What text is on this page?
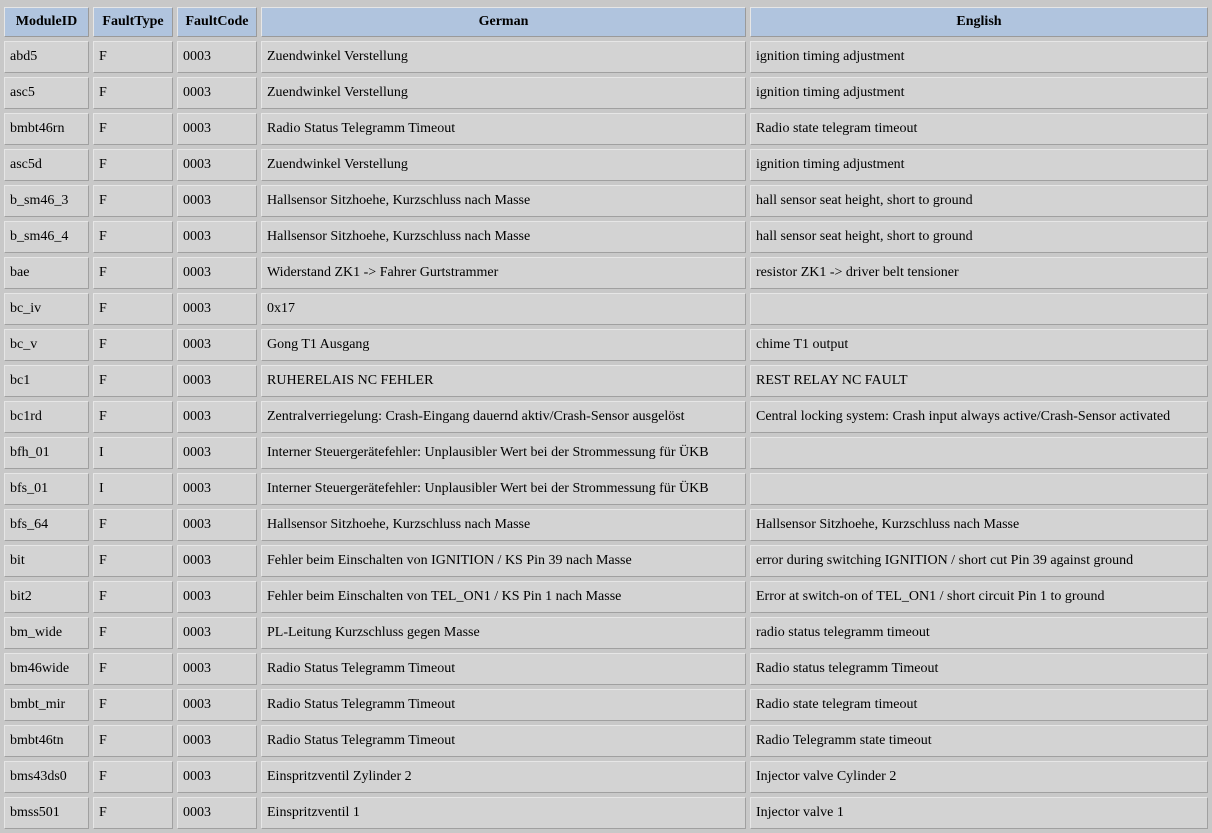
ModuleID	FaultType	FaultCode	German	English
abd5	F	0003	Zuendwinkel Verstellung	ignition timing adjustment
asc5	F	0003	Zuendwinkel Verstellung	ignition timing adjustment
bmbt46rn	F	0003	Radio Status Telegramm Timeout	Radio state telegram timeout
asc5d	F	0003	Zuendwinkel Verstellung	ignition timing adjustment
b_sm46_3	F	0003	Hallsensor Sitzhoehe, Kurzschluss nach Masse	hall sensor seat height, short to ground
b_sm46_4	F	0003	Hallsensor Sitzhoehe, Kurzschluss nach Masse	hall sensor seat height, short to ground
bae	F	0003	Widerstand ZK1 -> Fahrer Gurtstrammer	resistor ZK1 -> driver belt tensioner
bc_iv	F	0003	0x17	
bc_v	F	0003	Gong T1 Ausgang	chime T1 output
bc1	F	0003	RUHERELAIS NC FEHLER	REST RELAY NC FAULT
bc1rd	F	0003	Zentralverriegelung: Crash-Eingang dauernd aktiv/Crash-Sensor ausgelöst	Central locking system: Crash input always active/Crash-Sensor activated
bfh_01	I	0003	Interner Steuergerätefehler: Unplausibler Wert bei der Strommessung für ÜKB	
bfs_01	I	0003	Interner Steuergerätefehler: Unplausibler Wert bei der Strommessung für ÜKB	
bfs_64	F	0003	Hallsensor Sitzhoehe, Kurzschluss nach Masse	Hallsensor Sitzhoehe, Kurzschluss nach Masse
bit	F	0003	Fehler beim Einschalten von IGNITION / KS Pin 39 nach Masse	error during switching IGNITION / short cut Pin 39 against ground
bit2	F	0003	Fehler beim Einschalten von TEL_ON1 / KS Pin 1 nach Masse	Error at switch-on of TEL_ON1 / short circuit Pin 1 to ground
bm_wide	F	0003	PL-Leitung Kurzschluss gegen Masse	radio status telegramm timeout
bm46wide	F	0003	Radio Status Telegramm Timeout	Radio status telegramm Timeout
bmbt_mir	F	0003	Radio Status Telegramm Timeout	Radio state telegram timeout
bmbt46tn	F	0003	Radio Status Telegramm Timeout	Radio Telegramm state timeout
bms43ds0	F	0003	Einspritzventil Zylinder 2	Injector valve Cylinder 2
bmss501	F	0003	Einspritzventil 1	Injector valve 1
